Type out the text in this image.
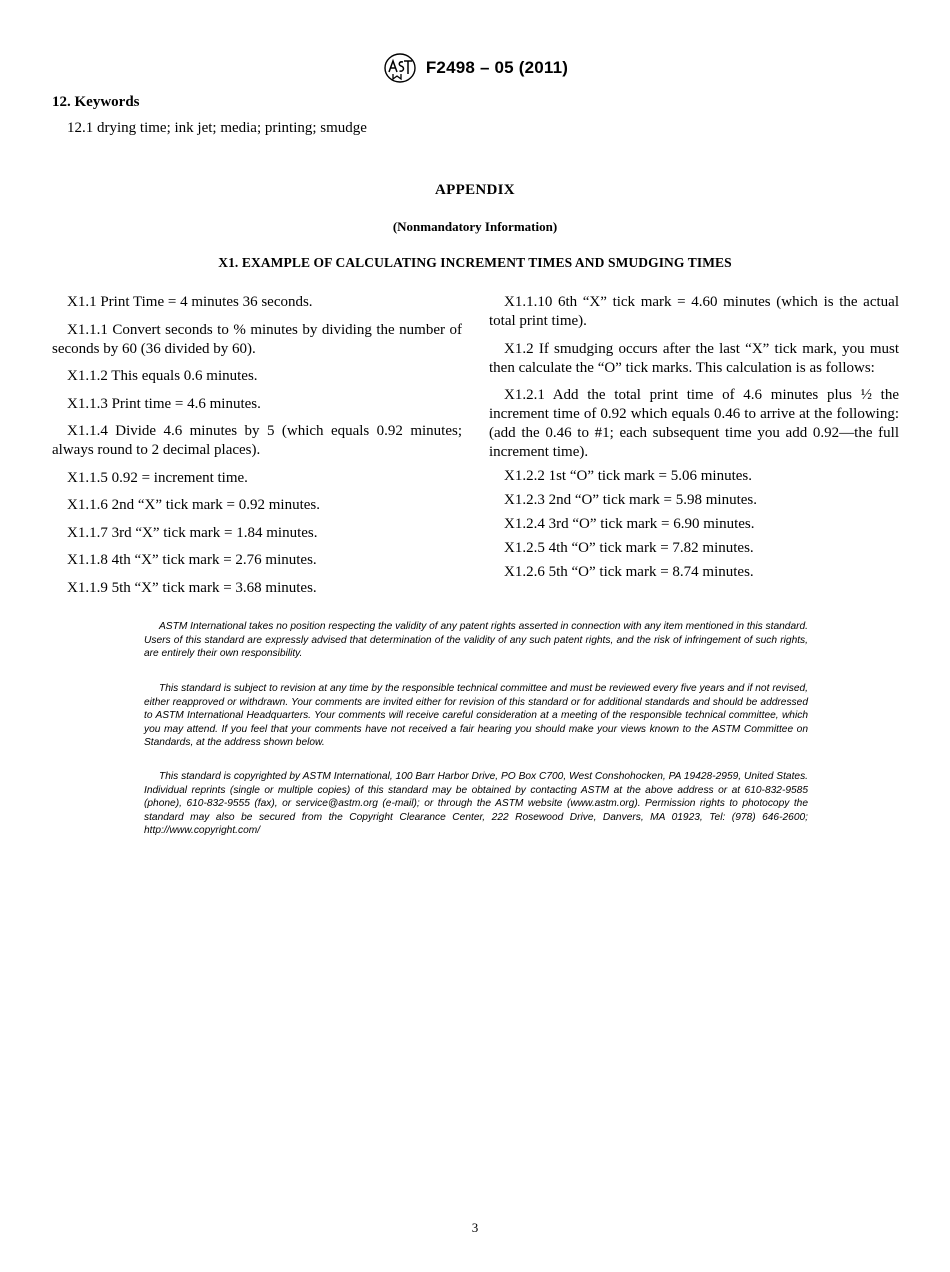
F2498 – 05 (2011)
12. Keywords
12.1 drying time; ink jet; media; printing; smudge
APPENDIX
(Nonmandatory Information)
X1. EXAMPLE OF CALCULATING INCREMENT TIMES AND SMUDGING TIMES

X1.1 Print Time = 4 minutes 36 seconds.

X1.1.1 Convert seconds to % minutes by dividing the number of seconds by 60 (36 divided by 60).

X1.1.2 This equals 0.6 minutes.

X1.1.3 Print time = 4.6 minutes.

X1.1.4 Divide 4.6 minutes by 5 (which equals 0.92 minutes; always round to 2 decimal places).

X1.1.5 0.92 = increment time.

X1.1.6 2nd “X” tick mark = 0.92 minutes.

X1.1.7 3rd “X” tick mark = 1.84 minutes.

X1.1.8 4th “X” tick mark = 2.76 minutes.

X1.1.9 5th “X” tick mark = 3.68 minutes.

X1.1.10 6th “X” tick mark = 4.60 minutes (which is the actual total print time).

X1.2 If smudging occurs after the last “X” tick mark, you must then calculate the “O” tick marks. This calculation is as follows:

X1.2.1 Add the total print time of 4.6 minutes plus ½ the increment time of 0.92 which equals 0.46 to arrive at the following: (add the 0.46 to #1; each subsequent time you add 0.92—the full increment time).

X1.2.2 1st “O” tick mark = 5.06 minutes.

X1.2.3 2nd “O” tick mark = 5.98 minutes.

X1.2.4 3rd “O” tick mark = 6.90 minutes.

X1.2.5 4th “O” tick mark = 7.82 minutes.

X1.2.6 5th “O” tick mark = 8.74 minutes.

ASTM International takes no position respecting the validity of any patent rights asserted in connection with any item mentioned in this standard. Users of this standard are expressly advised that determination of the validity of any such patent rights, and the risk of infringement of such rights, are entirely their own responsibility.

This standard is subject to revision at any time by the responsible technical committee and must be reviewed every five years and if not revised, either reapproved or withdrawn. Your comments are invited either for revision of this standard or for additional standards and should be addressed to ASTM International Headquarters. Your comments will receive careful consideration at a meeting of the responsible technical committee, which you may attend. If you feel that your comments have not received a fair hearing you should make your views known to the ASTM Committee on Standards, at the address shown below.

This standard is copyrighted by ASTM International, 100 Barr Harbor Drive, PO Box C700, West Conshohocken, PA 19428-2959, United States. Individual reprints (single or multiple copies) of this standard may be obtained by contacting ASTM at the above address or at 610-832-9585 (phone), 610-832-9555 (fax), or service@astm.org (e-mail); or through the ASTM website (www.astm.org). Permission rights to photocopy the standard may also be secured from the Copyright Clearance Center, 222 Rosewood Drive, Danvers, MA 01923, Tel: (978) 646-2600; http://www.copyright.com/

3
